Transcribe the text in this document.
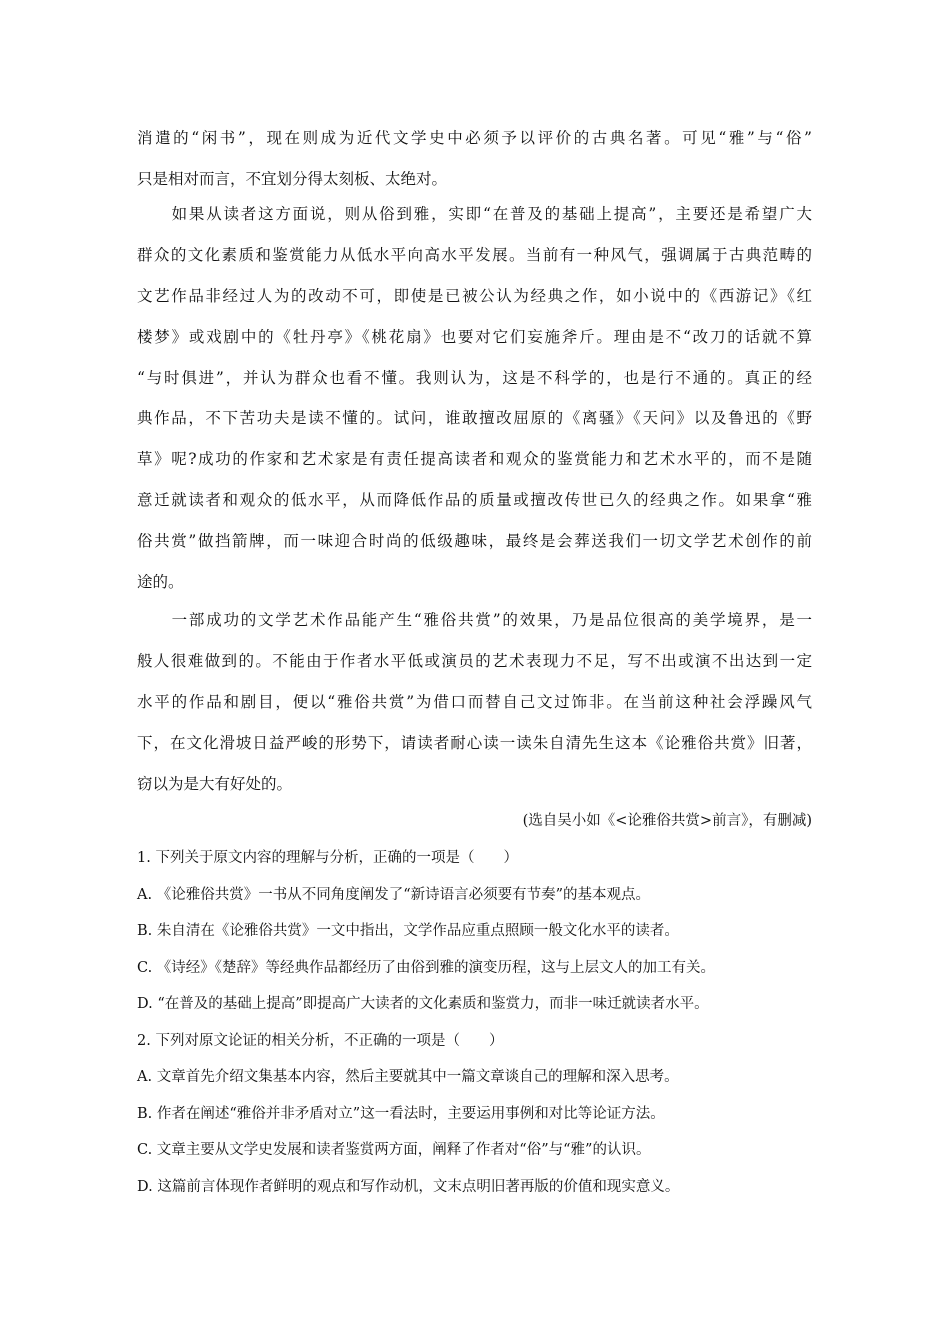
消遣的“闲书”，现在则成为近代文学史中必须予以评价的古典名著。可见“雅”与“俗”
只是相对而言，不宜划分得太刻板、太绝对。
　　如果从读者这方面说，则从俗到雅，实即“在普及的基础上提高”，主要还是希望广大
群众的文化素质和鉴赏能力从低水平向高水平发展。当前有一种风气，强调属于古典范畴的
文艺作品非经过人为的改动不可，即使是已被公认为经典之作，如小说中的《西游记》《红
楼梦》或戏剧中的《牡丹亭》《桃花扇》也要对它们妄施斧斤。理由是不“改刀的话就不算
“与时俱进”，并认为群众也看不懂。我则认为，这是不科学的，也是行不通的。真正的经
典作品，不下苦功夫是读不懂的。试问，谁敢擅改屈原的《离骚》《天问》以及鲁迅的《野
草》呢?成功的作家和艺术家是有责任提高读者和观众的鉴赏能力和艺术水平的，而不是随
意迁就读者和观众的低水平，从而降低作品的质量或擅改传世已久的经典之作。如果拿“雅
俗共赏”做挡箭牌，而一味迎合时尚的低级趣味，最终是会葬送我们一切文学艺术创作的前
途的。
　　一部成功的文学艺术作品能产生“雅俗共赏”的效果，乃是品位很高的美学境界，是一
般人很难做到的。不能由于作者水平低或演员的艺术表现力不足，写不出或演不出达到一定
水平的作品和剧目，便以“雅俗共赏”为借口而替自己文过饰非。在当前这种社会浮躁风气
下，在文化滑坡日益严峻的形势下，请读者耐心读一读朱自清先生这本《论雅俗共赏》旧著，
窃以为是大有好处的。
(选自吴小如《<论雅俗共赏>前言》，有删减)
1. 下列关于原文内容的理解与分析，正确的一项是（　　）
A. 《论雅俗共赏》一书从不同角度阐发了“新诗语言必须要有节奏”的基本观点。
B. 朱自清在《论雅俗共赏》一文中指出，文学作品应重点照顾一般文化水平的读者。
C. 《诗经》《楚辞》等经典作品都经历了由俗到雅的演变历程，这与上层文人的加工有关。
D. “在普及的基础上提高”即提高广大读者的文化素质和鉴赏力，而非一味迁就读者水平。
2. 下列对原文论证的相关分析，不正确的一项是（　　）
A. 文章首先介绍文集基本内容，然后主要就其中一篇文章谈自己的理解和深入思考。
B. 作者在阐述“雅俗并非矛盾对立”这一看法时，主要运用事例和对比等论证方法。
C. 文章主要从文学史发展和读者鉴赏两方面，阐释了作者对“俗”与“雅”的认识。
D. 这篇前言体现作者鲜明的观点和写作动机，文末点明旧著再版的价值和现实意义。
